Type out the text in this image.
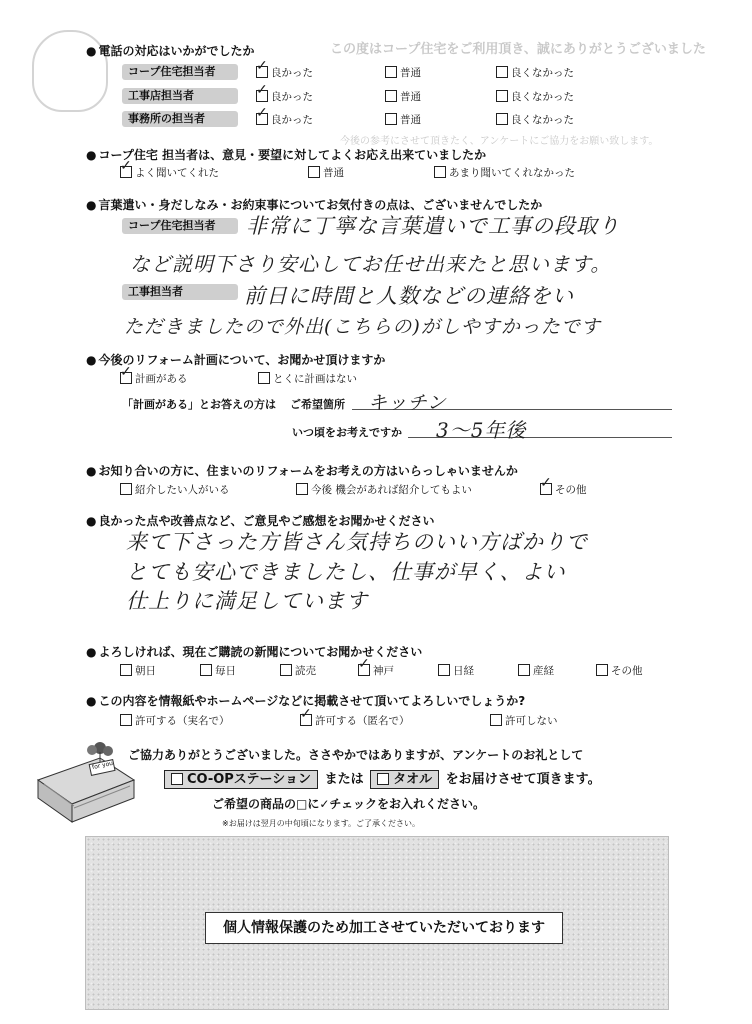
この度はコープ住宅をご利用頂き、誠にありがとうございました
今後の参考にさせて頂きたく、アンケートにご協力をお願い致します。
● 電話の対応はいかがでしたか
コープ住宅担当者 ✓	良かった	普通	良くなかった
工事店担当者 ✓	良かった	普通	良くなかった
事務所の担当者 ✓	良かった	普通	良くなかった
● コープ住宅 担当者は、意見・要望に対してよくお応え出来ていましたか
✓よく聞いてくれた	普通	あまり聞いてくれなかった
● 言葉遣い・身だしなみ・お約束事についてお気付きの点は、ございませんでしたか
コープ住宅担当者	非常に丁寧な言葉遣いで工事の段取り
など説明下さり安心してお任せ出来たと思います。
工事担当者	前日に時間と人数などの連絡をい
ただきましたので外出(こちらの)がしやすかったです
● 今後のリフォーム計画について、お聞かせ頂けますか
✓計画がある	とくに計画はない
「計画がある」とお答えの方は ご希望箇所 キッチン
いつ頃をお考えですか 3〜5年後
● お知り合いの方に、住まいのリフォームをお考えの方はいらっしゃいませんか
紹介したい人がいる	今後 機会があれば紹介してもよい ✓	その他
● 良かった点や改善点など、ご意見やご感想をお聞かせください
来て下さった方皆さん気持ちのいい方ばかりで
とても安心できましたし、仕事が早く、よい
仕上りに満足しています
● よろしければ、現在ご購読の新聞についてお聞かせください
朝日	毎日	読売 ✓	神戸	日経	産経	その他
● この内容を情報紙やホームページなどに掲載させて頂いてよろしいでしょうか?
許可する（実名で） ✓	許可する（匿名で）	許可しない
for you
ご協力ありがとうございました。ささやかではありますが、アンケートのお礼として
CO-OPステーション または タオル をお届けさせて頂きます。
ご希望の商品の□に✓チェックをお入れください。
※お届けは翌月の中旬頃になります。ご了承ください。
個人情報保護のため加工させていただいております
